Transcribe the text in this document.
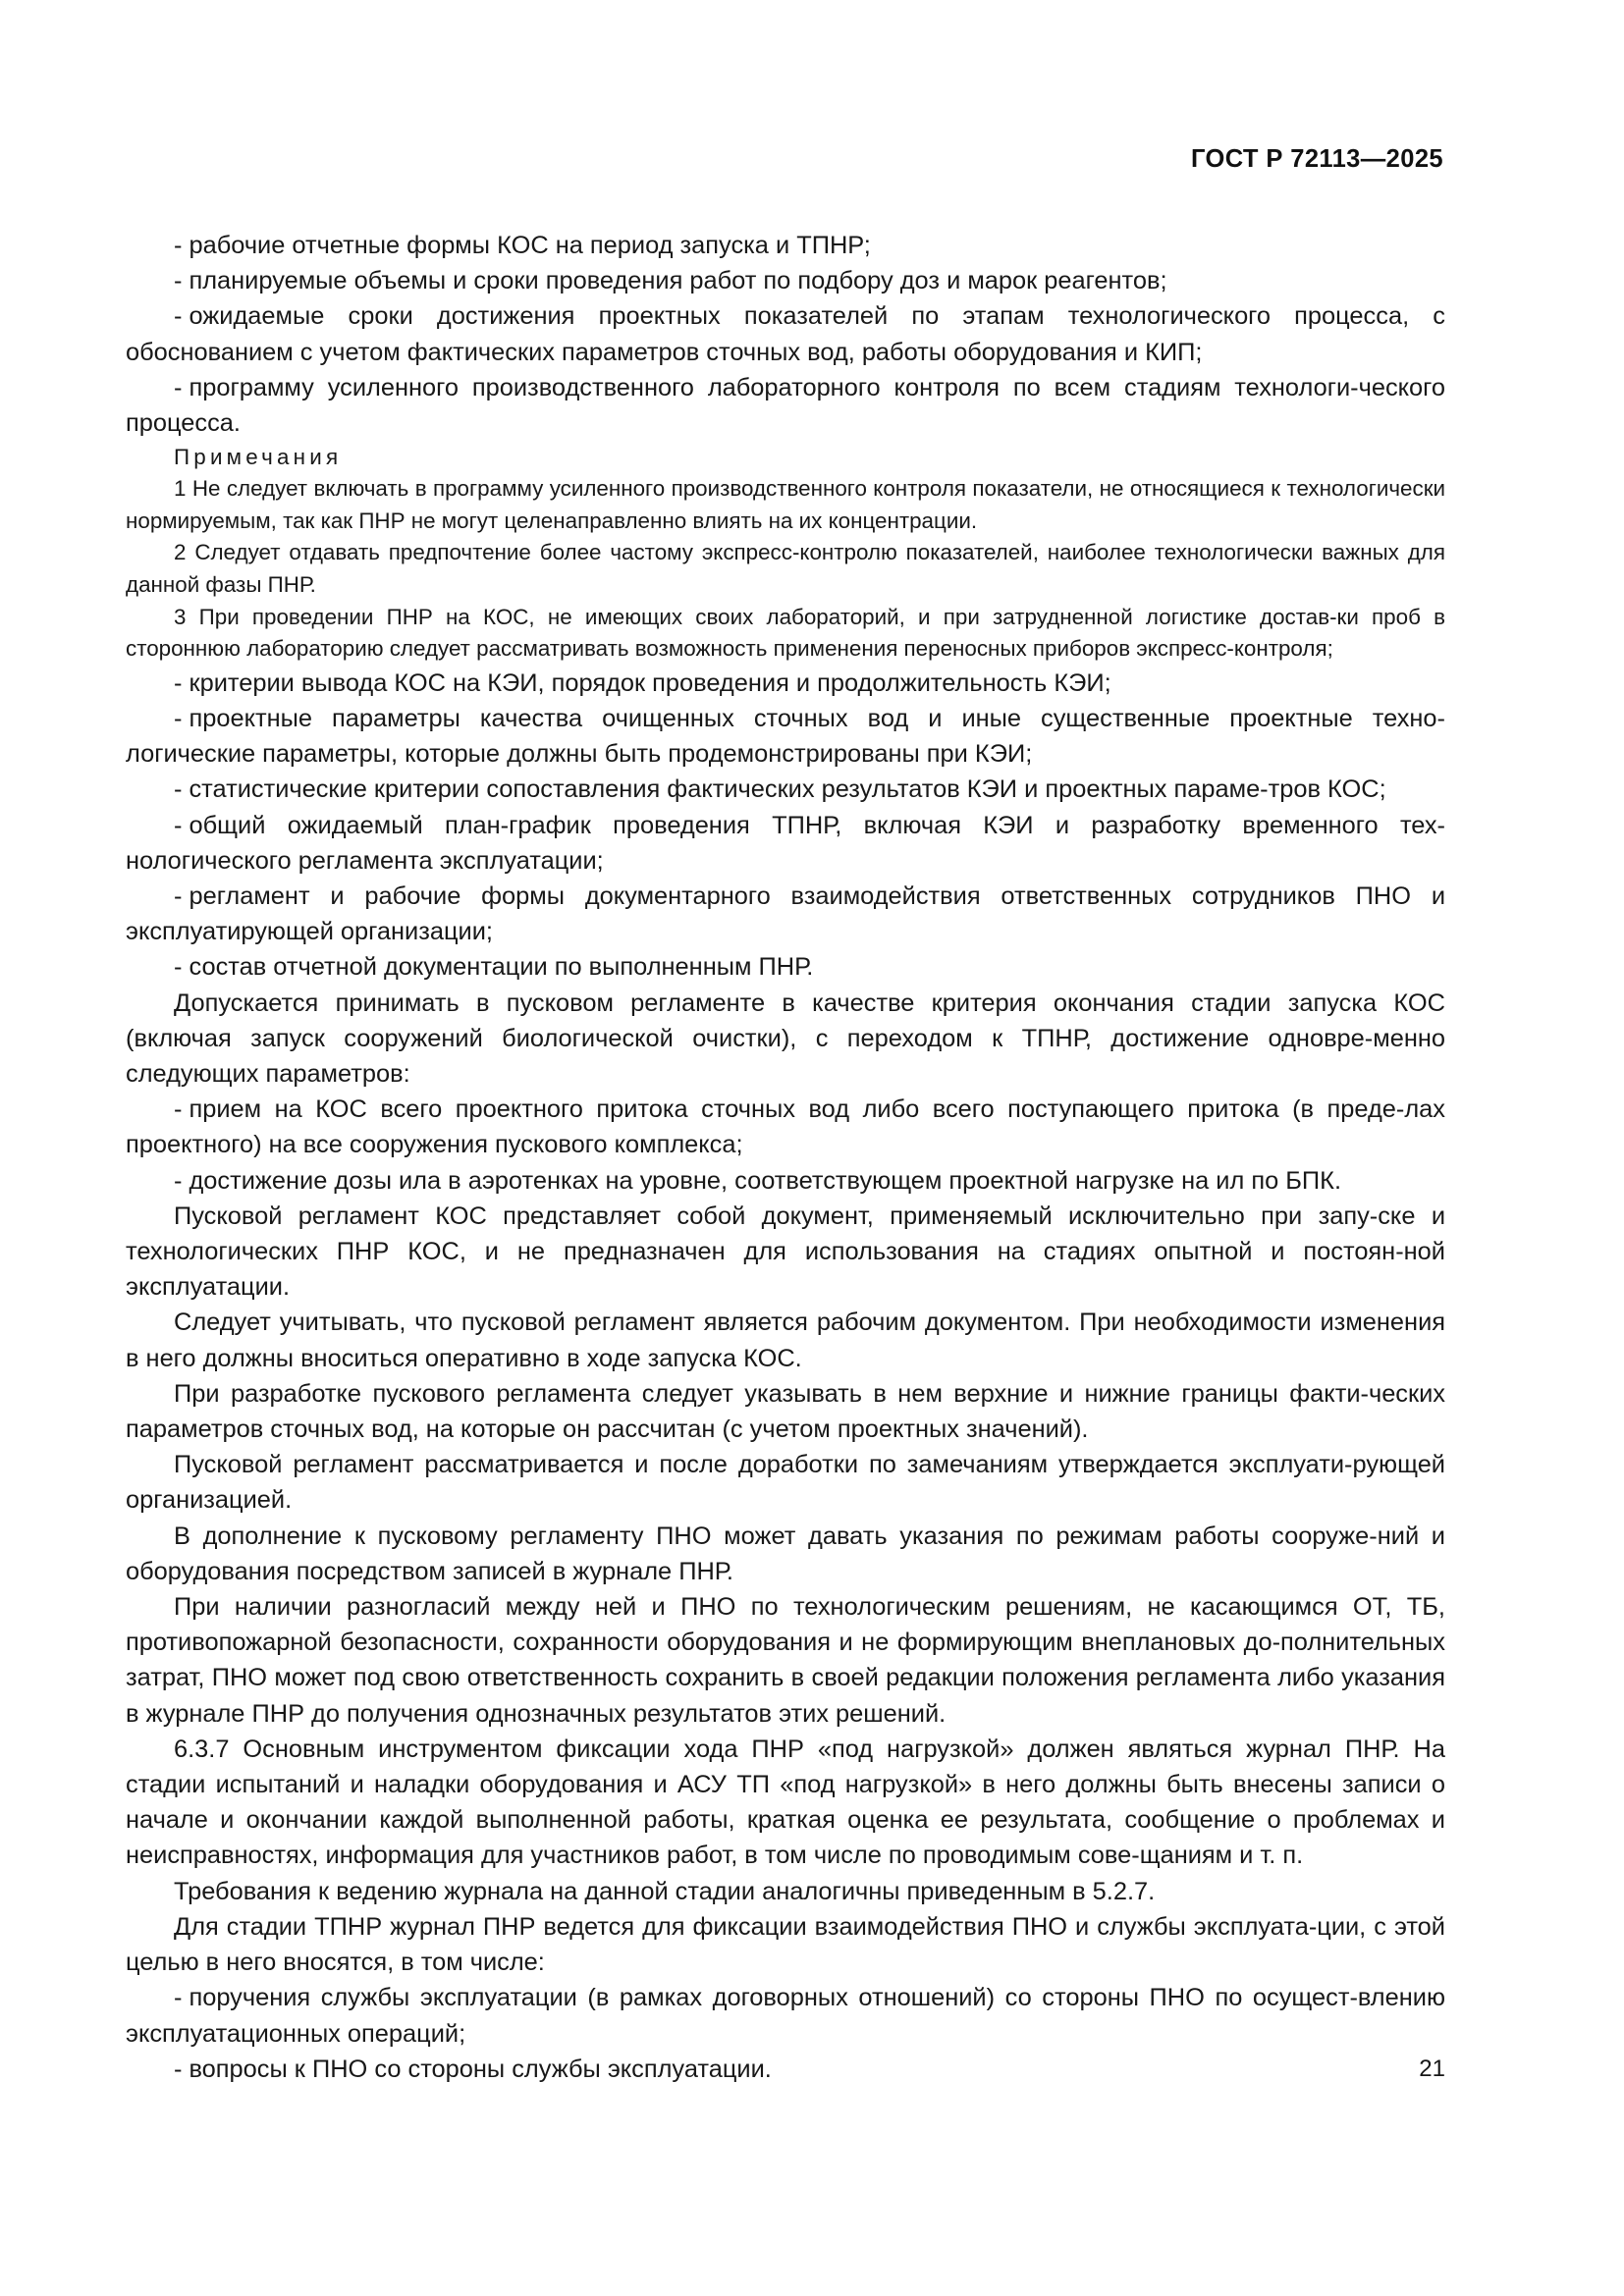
ГОСТ Р 72113—2025

- рабочие отчетные формы КОС на период запуска и ТПНР;

- планируемые объемы и сроки проведения работ по подбору доз и марок реагентов;

- ожидаемые сроки достижения проектных показателей по этапам технологического процесса, с обоснованием с учетом фактических параметров сточных вод, работы оборудования и КИП;

- программу усиленного производственного лабораторного контроля по всем стадиям технологи-ческого процесса.

Примечания

1 Не следует включать в программу усиленного производственного контроля показатели, не относящиеся к технологически нормируемым, так как ПНР не могут целенаправленно влиять на их концентрации.

2 Следует отдавать предпочтение более частому экспресс-контролю показателей, наиболее технологически важных для данной фазы ПНР.

3 При проведении ПНР на КОС, не имеющих своих лабораторий, и при затрудненной логистике достав-ки проб в стороннюю лабораторию следует рассматривать возможность применения переносных приборов экспресс-контроля;

- критерии вывода КОС на КЭИ, порядок проведения и продолжительность КЭИ;

- проектные параметры качества очищенных сточных вод и иные существенные проектные техно-логические параметры, которые должны быть продемонстрированы при КЭИ;

- статистические критерии сопоставления фактических результатов КЭИ и проектных параме-тров КОС;

- общий ожидаемый план-график проведения ТПНР, включая КЭИ и разработку временного тех-нологического регламента эксплуатации;

- регламент и рабочие формы документарного взаимодействия ответственных сотрудников ПНО и эксплуатирующей организации;

- состав отчетной документации по выполненным ПНР.

Допускается принимать в пусковом регламенте в качестве критерия окончания стадии запуска КОС (включая запуск сооружений биологической очистки), с переходом к ТПНР, достижение одновре-менно следующих параметров:

- прием на КОС всего проектного притока сточных вод либо всего поступающего притока (в преде-лах проектного) на все сооружения пускового комплекса;

- достижение дозы ила в аэротенках на уровне, соответствующем проектной нагрузке на ил по БПК.

Пусковой регламент КОС представляет собой документ, применяемый исключительно при запу-ске и технологических ПНР КОС, и не предназначен для использования на стадиях опытной и постоян-ной эксплуатации.

Следует учитывать, что пусковой регламент является рабочим документом. При необходимости изменения в него должны вноситься оперативно в ходе запуска КОС.

При разработке пускового регламента следует указывать в нем верхние и нижние границы факти-ческих параметров сточных вод, на которые он рассчитан (с учетом проектных значений).

Пусковой регламент рассматривается и после доработки по замечаниям утверждается эксплуати-рующей организацией.

В дополнение к пусковому регламенту ПНО может давать указания по режимам работы сооруже-ний и оборудования посредством записей в журнале ПНР.

При наличии разногласий между ней и ПНО по технологическим решениям, не касающимся ОТ, ТБ, противопожарной безопасности, сохранности оборудования и не формирующим внеплановых до-полнительных затрат, ПНО может под свою ответственность сохранить в своей редакции положения регламента либо указания в журнале ПНР до получения однозначных результатов этих решений.

6.3.7 Основным инструментом фиксации хода ПНР «под нагрузкой» должен являться журнал ПНР. На стадии испытаний и наладки оборудования и АСУ ТП «под нагрузкой» в него должны быть внесены записи о начале и окончании каждой выполненной работы, краткая оценка ее результата, сообщение о проблемах и неисправностях, информация для участников работ, в том числе по проводимым сове-щаниям и т. п.

Требования к ведению журнала на данной стадии аналогичны приведенным в 5.2.7.

Для стадии ТПНР журнал ПНР ведется для фиксации взаимодействия ПНО и службы эксплуата-ции, с этой целью в него вносятся, в том числе:

- поручения службы эксплуатации (в рамках договорных отношений) со стороны ПНО по осущест-влению эксплуатационных операций;

- вопросы к ПНО со стороны службы эксплуатации.	21
